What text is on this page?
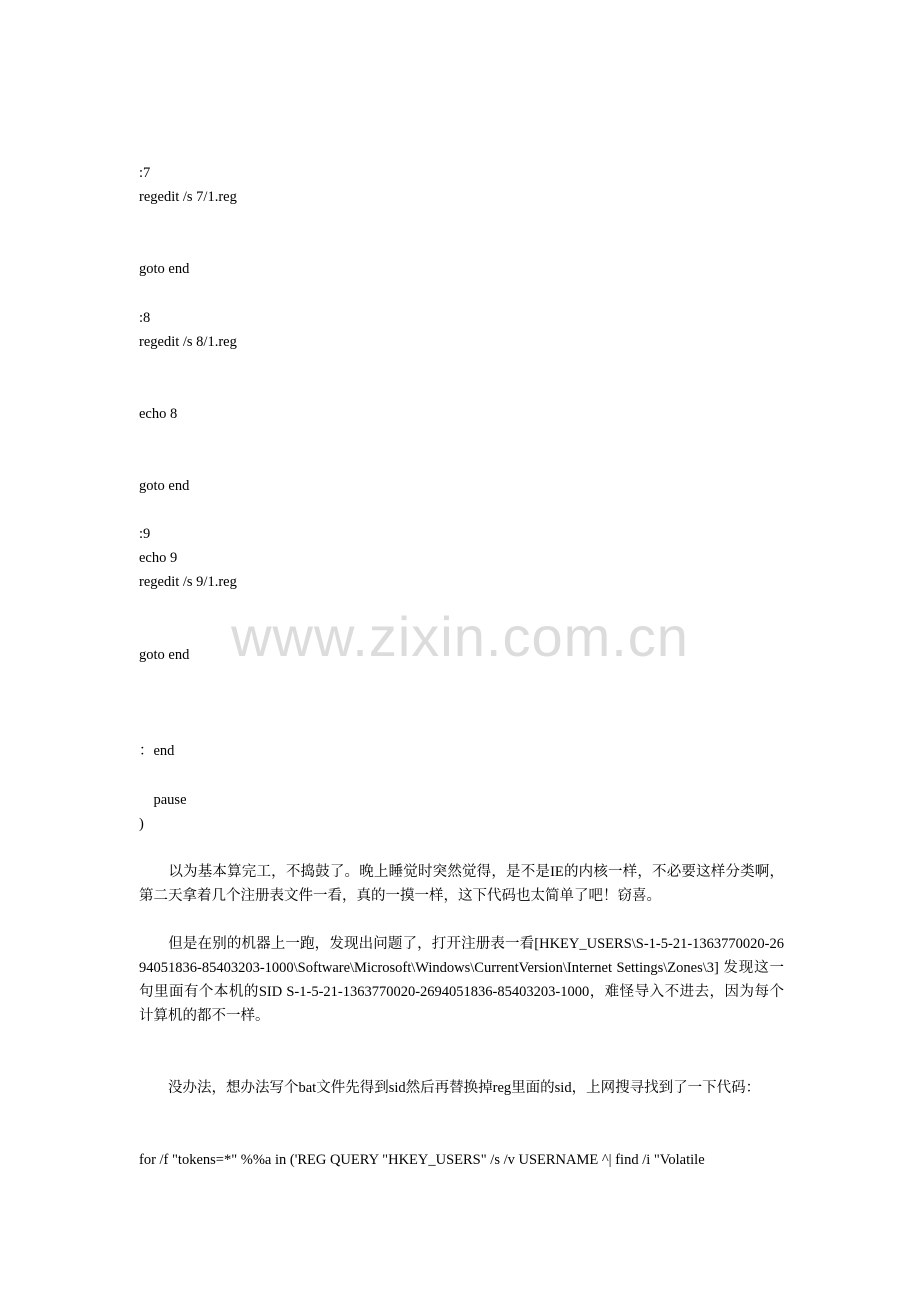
www.zixin.com.cn
:7
regedit /s 7/1.reg
goto end
:8
regedit /s 8/1.reg
echo 8
goto end
:9
echo 9
regedit /s 9/1.reg
goto end
：end
pause
)
　　以为基本算完工，不捣鼓了。晚上睡觉时突然觉得，是不是IE的内核一样，不必要这样分类啊，第二天拿着几个注册表文件一看，真的一摸一样，这下代码也太简单了吧！窃喜。
　　但是在别的机器上一跑，发现出问题了，打开注册表一看[HKEY_USERS\S-1-5-21-1363770020-2694051836-85403203-1000\Software\Microsoft\Windows\CurrentVersion\Internet Settings\Zones\3] 发现这一句里面有个本机的SID S-1-5-21-1363770020-2694051836-85403203-1000，难怪导入不进去，因为每个计算机的都不一样。
　　没办法，想办法写个bat文件先得到sid然后再替换掉reg里面的sid，上网搜寻找到了一下代码：
for /f "tokens=*" %%a in ('REG QUERY "HKEY_USERS" /s /v USERNAME ^| find /i "Volatile
